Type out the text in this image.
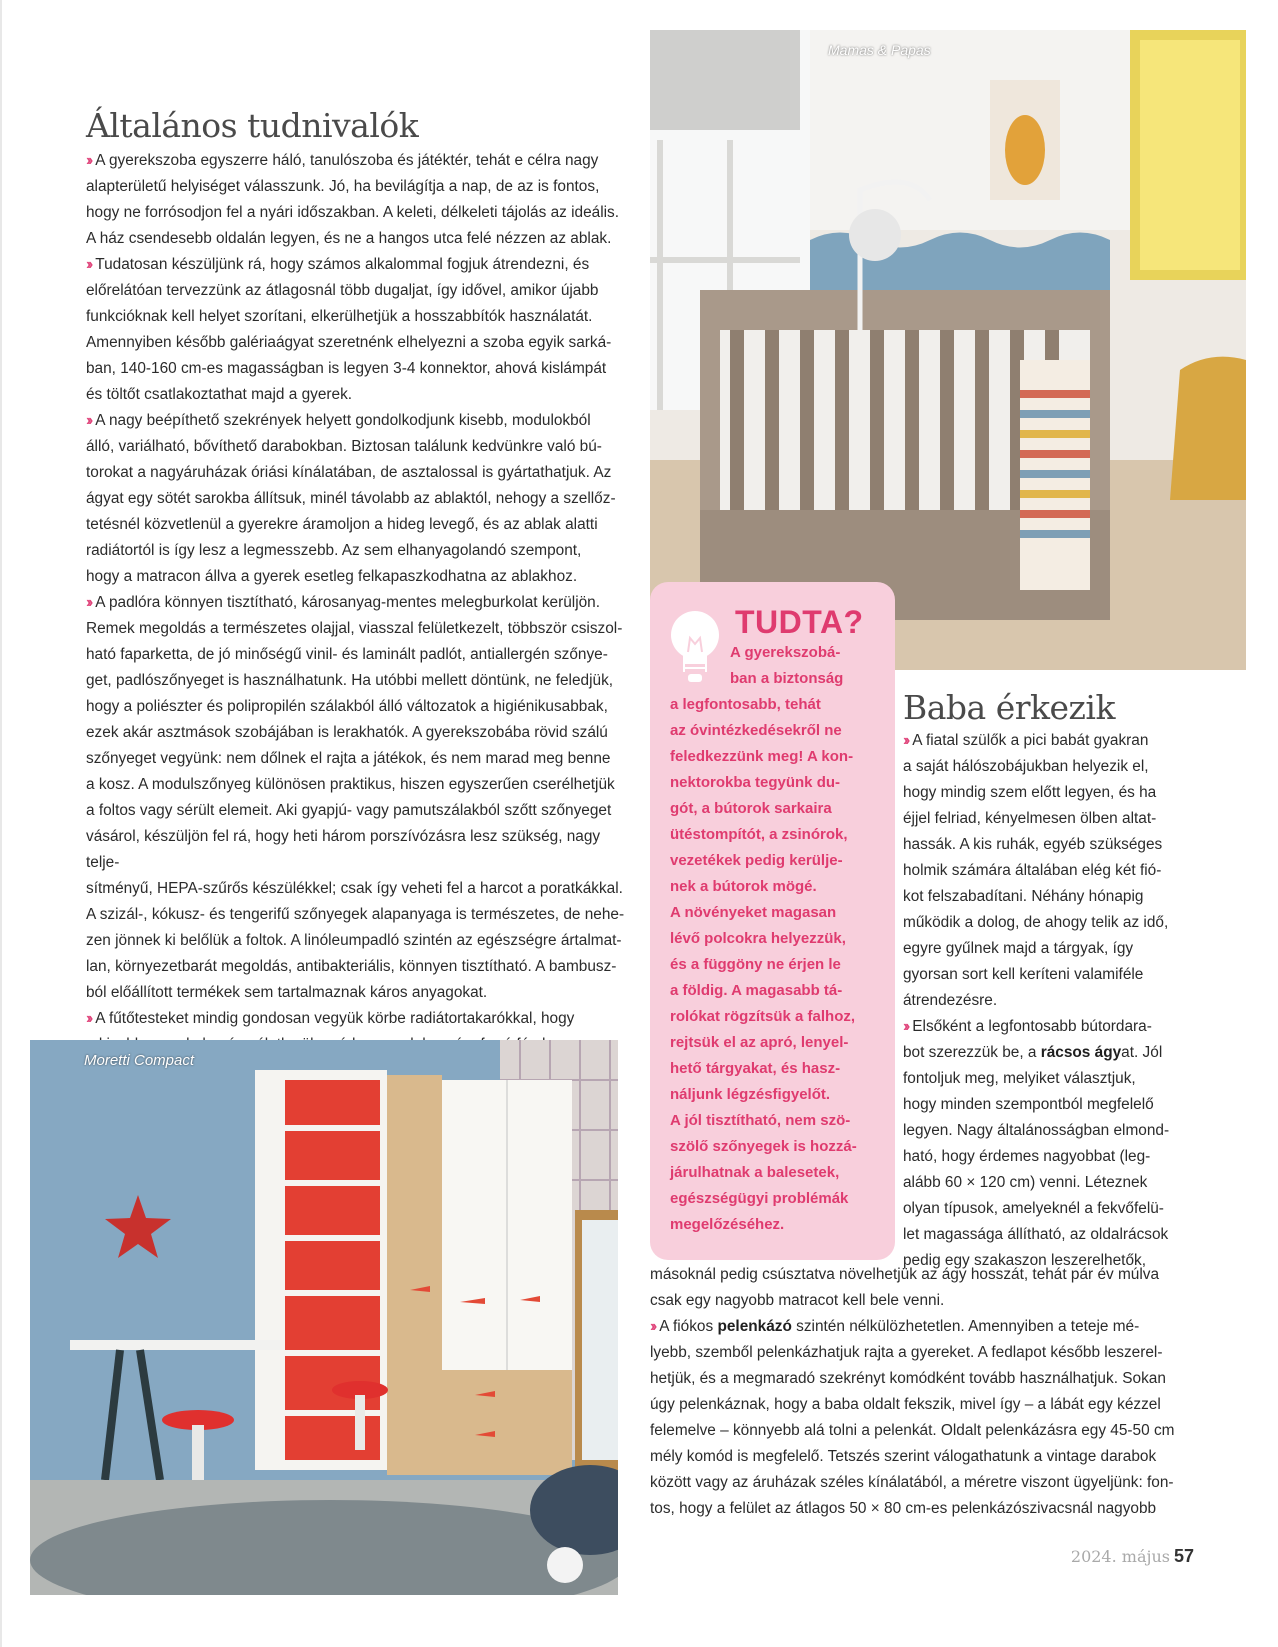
Általános tudnivalók

›› A gyerekszoba egyszerre háló, tanulószoba és játéktér, tehát e célra nagy

alapterületű helyiséget válasszunk. Jó, ha bevilágítja a nap, de az is fontos,

hogy ne forrósodjon fel a nyári időszakban. A keleti, délkeleti tájolás az ideális.

A ház csendesebb oldalán legyen, és ne a hangos utca felé nézzen az ablak.

›› Tudatosan készüljünk rá, hogy számos alkalommal fogjuk átrendezni, és

előrelátóan tervezzünk az átlagosnál több dugaljat, így idővel, amikor újabb

funkcióknak kell helyet szorítani, elkerülhetjük a hosszabbítók használatát.

Amennyiben később galériaágyat szeretnénk elhelyezni a szoba egyik sarká-

ban, 140-160 cm-es magasságban is legyen 3-4 konnektor, ahová kislámpát

és töltőt csatlakoztathat majd a gyerek.

›› A nagy beépíthető szekrények helyett gondolkodjunk kisebb, modulokból

álló, variálható, bővíthető darabokban. Biztosan találunk kedvünkre való bú-

torokat a nagyáruházak óriási kínálatában, de asztalossal is gyártathatjuk. Az

ágyat egy sötét sarokba állítsuk, minél távolabb az ablaktól, nehogy a szellőz-

tetésnél közvetlenül a gyerekre áramoljon a hideg levegő, és az ablak alatti

radiátortól is így lesz a legmesszebb. Az sem elhanyagolandó szempont,

hogy a matracon állva a gyerek esetleg felkapaszkodhatna az ablakhoz.

›› A padlóra könnyen tisztítható, károsanyag-mentes melegburkolat kerüljön.

Remek megoldás a természetes olajjal, viasszal felületkezelt, többször csiszol-

ható faparketta, de jó minőségű vinil- és laminált padlót, antiallergén szőnye-

get, padlószőnyeget is használhatunk. Ha utóbbi mellett döntünk, ne feledjük,

hogy a poliészter és polipropilén szálakból álló változatok a higiénikusabbak,

ezek akár asztmások szobájában is lerakhatók. A gyerekszobába rövid szálú

szőnyeget vegyünk: nem dőlnek el rajta a játékok, és nem marad meg benne

a kosz. A modulszőnyeg különösen praktikus, hiszen egyszerűen cserélhetjük

a foltos vagy sérült elemeit. Aki gyapjú- vagy pamutszálakból szőtt szőnyeget

vásárol, készüljön fel rá, hogy heti három porszívózásra lesz szükség, nagy telje-

sítményű, HEPA-szűrős készülékkel; csak így veheti fel a harcot a poratkákkal.

A szizál-, kókusz- és tengerifű szőnyegek alapanyaga is természetes, de nehe-

zen jönnek ki belőlük a foltok. A linóleumpadló szintén az egészségre ártalmat-

lan, környezetbarát megoldás, antibakteriális, könnyen tisztítható. A bambusz-

ból előállított termékek sem tartalmaznak káros anyagokat.

›› A fűtőtesteket mindig gondosan vegyük körbe radiátortakarókkal, hogy

Mamas & Papas
TUDTA?

A gyerekszobá-

ban a biztonság

a legfontosabb, tehát

az óvintézkedésekről ne

feledkezzünk meg! A kon-

nektorokba tegyünk du-

gót, a bútorok sarkaira

ütéstompítót, a zsinórok,

vezetékek pedig kerülje-

nek a bútorok mögé.

A növényeket magasan

lévő polcokra helyezzük,

és a függöny ne érjen le

a földig. A magasabb tá-

rolókat rögzítsük a falhoz,

rejtsük el az apró, lenyel-

hető tárgyakat, és hasz-

náljunk légzésfigyelőt.

A jól tisztítható, nem szö-

szölő szőnyegek is hozzá-

járulhatnak a balesetek,

egészségügyi problémák

megelőzéséhez.

Baba érkezik

›› A fiatal szülők a pici babát gyakran

a saját hálószobájukban helyezik el,

hogy mindig szem előtt legyen, és ha

éjjel felriad, kényelmesen ölben altat-

hassák. A kis ruhák, egyéb szükséges

holmik számára általában elég két fió-

kot felszabadítani. Néhány hónapig

működik a dolog, de ahogy telik az idő,

egyre gyűlnek majd a tárgyak, így

gyorsan sort kell keríteni valamiféle

átrendezésre.

›› Elsőként a legfontosabb bútordara-

bot szerezzük be, a rácsos ágyat. Jól

fontoljuk meg, melyiket választjuk,

hogy minden szempontból megfelelő

legyen. Nagy általánosságban elmond-

ható, hogy érdemes nagyobbat (leg-

alább 60 × 120 cm) venni. Léteznek

olyan típusok, amelyeknél a fekvőfelü-

let magassága állítható, az oldalrácsok

pedig egy szakaszon leszerelhetők,

másoknál pedig csúsztatva növelhetjük az ágy hosszát, tehát pár év múlva

csak egy nagyobb matracot kell bele venni.

›› A fiókos pelenkázó szintén nélkülözhetetlen. Amennyiben a teteje mé-

lyebb, szemből pelenkázhatjuk rajta a gyereket. A fedlapot később leszerel-

hetjük, és a megmaradó szekrényt komódként tovább használhatjuk. Sokan

úgy pelenkáznak, hogy a baba oldalt fekszik, mivel így – a lábát egy kézzel

felemelve – könnyebb alá tolni a pelenkát. Oldalt pelenkázásra egy 45-50 cm

mély komód is megfelelő. Tetszés szerint válogathatunk a vintage darabok

között vagy az áruházak széles kínálatából, a méretre viszont ügyeljünk: fon-

tos, hogy a felület az átlagos 50 × 80 cm-es pelenkázószivacsnál nagyobb

Moretti Compact
2024. május 57
